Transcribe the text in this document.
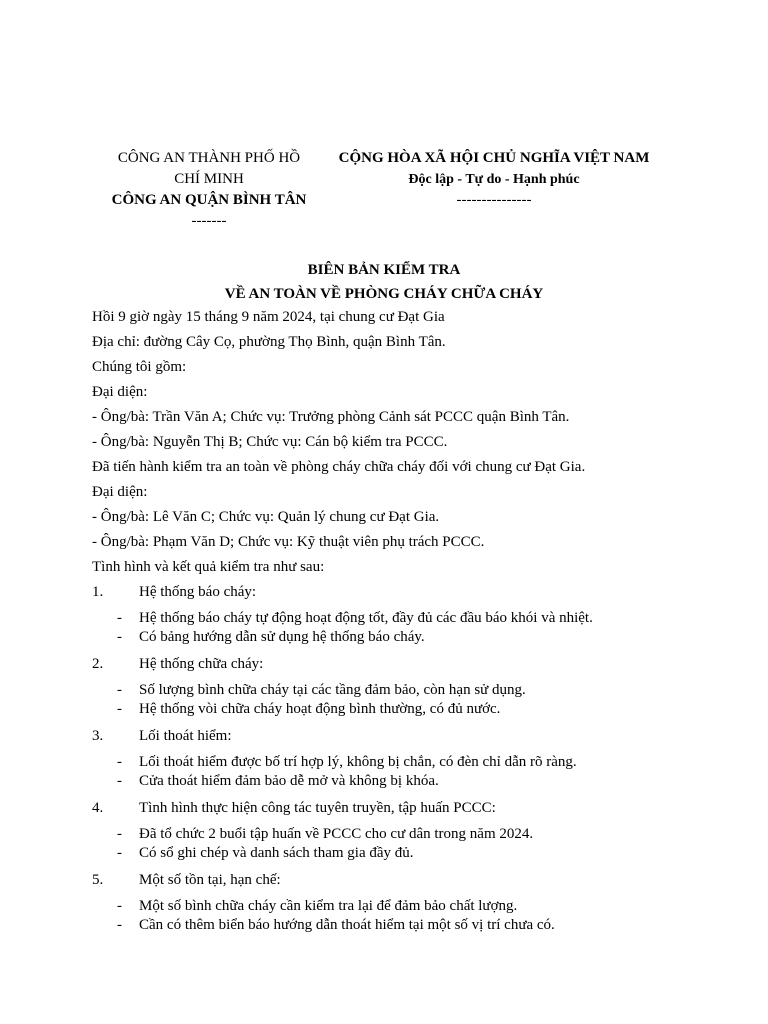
CÔNG AN THÀNH PHỐ HỒ
CHÍ MINH
CÔNG AN QUẬN BÌNH TÂN
-------
CỘNG HÒA XÃ HỘI CHỦ NGHĨA VIỆT NAM
Độc lập - Tự do - Hạnh phúc
---------------
BIÊN BẢN KIỂM TRA
VỀ AN TOÀN VỀ PHÒNG CHÁY CHỮA CHÁY

Hồi 9 giờ ngày 15 tháng 9 năm 2024, tại chung cư Đạt Gia

Địa chỉ: đường Cây Cọ, phường Thọ Bình, quận Bình Tân.

Chúng tôi gồm:

Đại diện:

- Ông/bà: Trần Văn A; Chức vụ: Trưởng phòng Cảnh sát PCCC quận Bình Tân.

- Ông/bà: Nguyễn Thị B; Chức vụ: Cán bộ kiểm tra PCCC.

Đã tiến hành kiểm tra an toàn về phòng cháy chữa cháy đối với chung cư Đạt Gia.

Đại diện:

- Ông/bà: Lê Văn C; Chức vụ: Quản lý chung cư Đạt Gia.

- Ông/bà: Phạm Văn D; Chức vụ: Kỹ thuật viên phụ trách PCCC.

Tình hình và kết quả kiểm tra như sau:

1. Hệ thống báo cháy:
- Hệ thống báo cháy tự động hoạt động tốt, đầy đủ các đầu báo khói và nhiệt.
- Có bảng hướng dẫn sử dụng hệ thống báo cháy.
2. Hệ thống chữa cháy:
- Số lượng bình chữa cháy tại các tầng đảm bảo, còn hạn sử dụng.
- Hệ thống vòi chữa cháy hoạt động bình thường, có đủ nước.
3. Lối thoát hiểm:
- Lối thoát hiểm được bố trí hợp lý, không bị chắn, có đèn chỉ dẫn rõ ràng.
- Cửa thoát hiểm đảm bảo dễ mở và không bị khóa.
4. Tình hình thực hiện công tác tuyên truyền, tập huấn PCCC:
- Đã tổ chức 2 buổi tập huấn về PCCC cho cư dân trong năm 2024.
- Có sổ ghi chép và danh sách tham gia đầy đủ.
5. Một số tồn tại, hạn chế:
- Một số bình chữa cháy cần kiểm tra lại để đảm bảo chất lượng.
- Cần có thêm biển báo hướng dẫn thoát hiểm tại một số vị trí chưa có.
